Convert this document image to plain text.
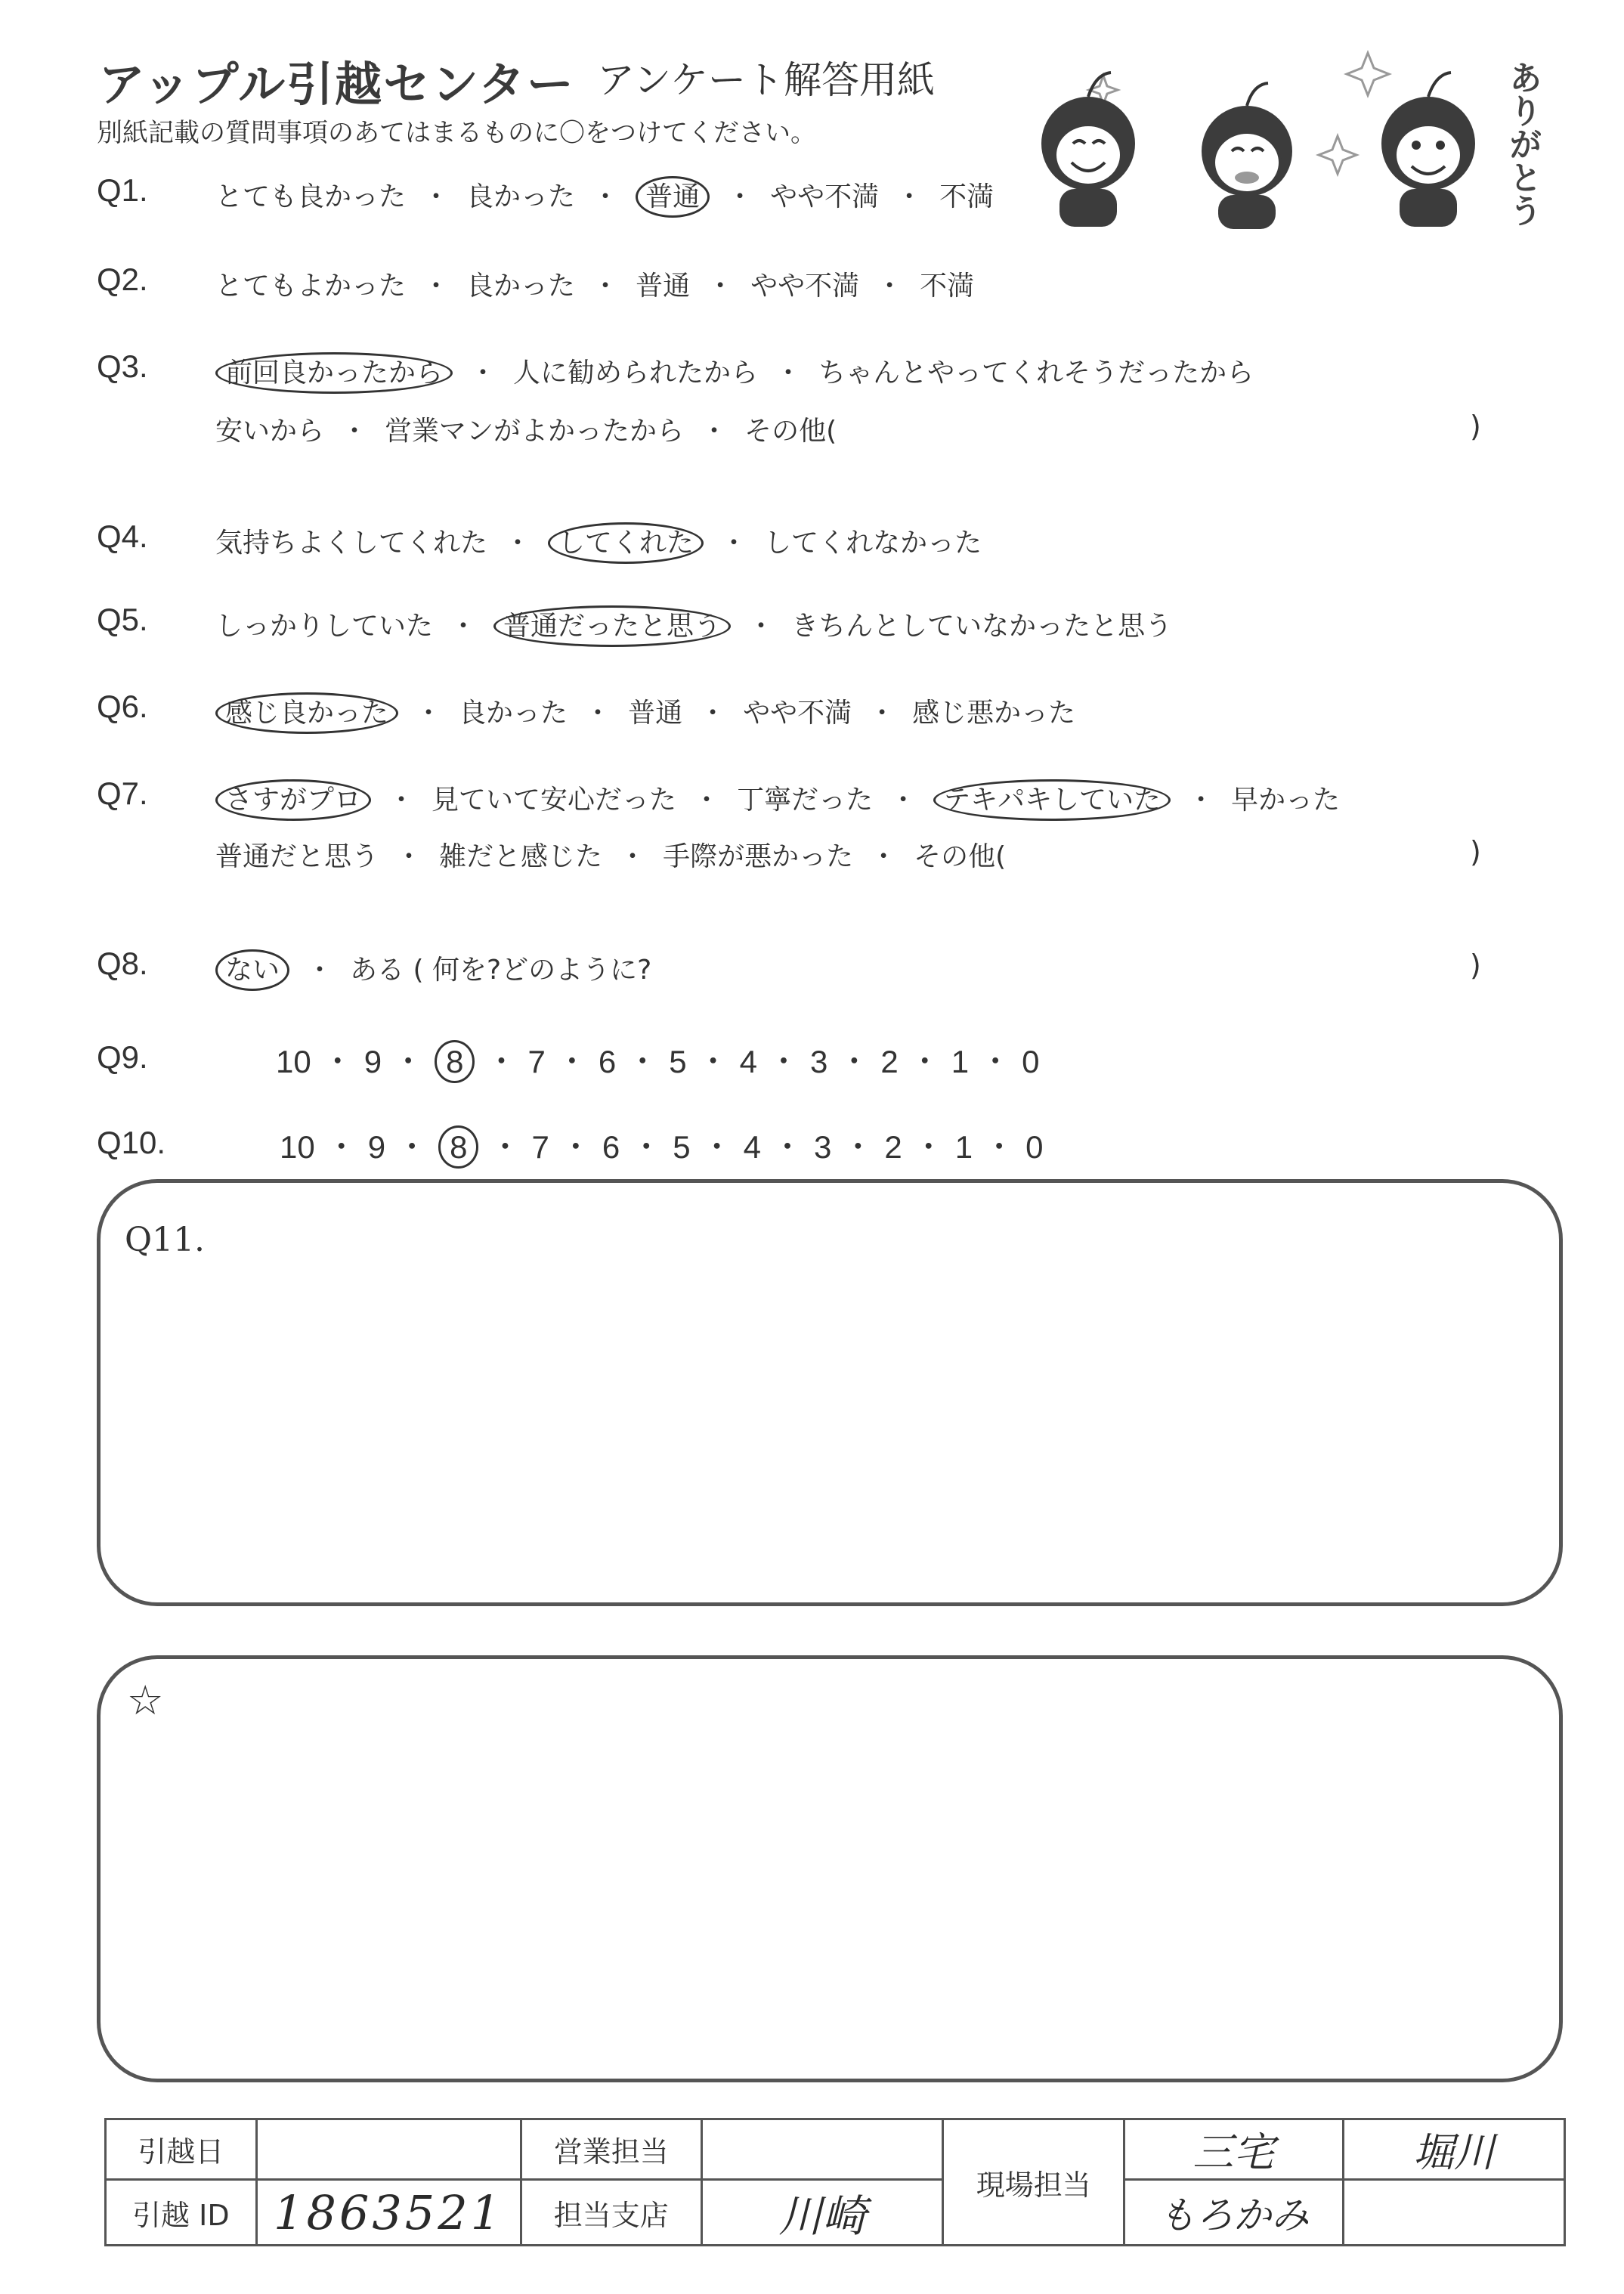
アップル引越センター アンケート解答用紙
別紙記載の質問事項のあてはまるものに〇をつけてください。	ありがとう
Q1. とても良かった ・ 良かった ・ 普通 ・ やや不満 ・ 不満
Q2. とてもよかった ・ 良かった ・ 普通 ・ やや不満 ・ 不満
Q3.	前回良かったから ・ 人に勧められたから ・ ちゃんとやってくれそうだったから
安いから ・ 営業マンがよかったから ・ その他(	)
Q4. 気持ちよくしてくれた ・ してくれた ・ してくれなかった
Q5. しっかりしていた ・ 普通だったと思う ・ きちんとしていなかったと思う
Q6.	感じ良かった ・ 良かった ・ 普通 ・ やや不満 ・ 感じ悪かった
Q7.	さすがプロ ・ 見ていて安心だった ・ 丁寧だった ・ テキパキしていた ・ 早かった
普通だと思う ・ 雑だと感じた ・ 手際が悪かった ・ その他(	)
Q8.	ない ・ ある ( 何を?どのように?	)
Q9.	10 ・ 9 ・ 8 ・ 7 ・ 6 ・ 5 ・ 4 ・ 3 ・ 2 ・ 1 ・ 0
Q10.	10 ・ 9 ・ 8 ・ 7 ・ 6 ・ 5 ・ 4 ・ 3 ・ 2 ・ 1 ・ 0
Q11.
☆
引越日		営業担当		現場担当	三宅	堀川
引越 ID	1863521	担当支店	川崎		もろかみ	
